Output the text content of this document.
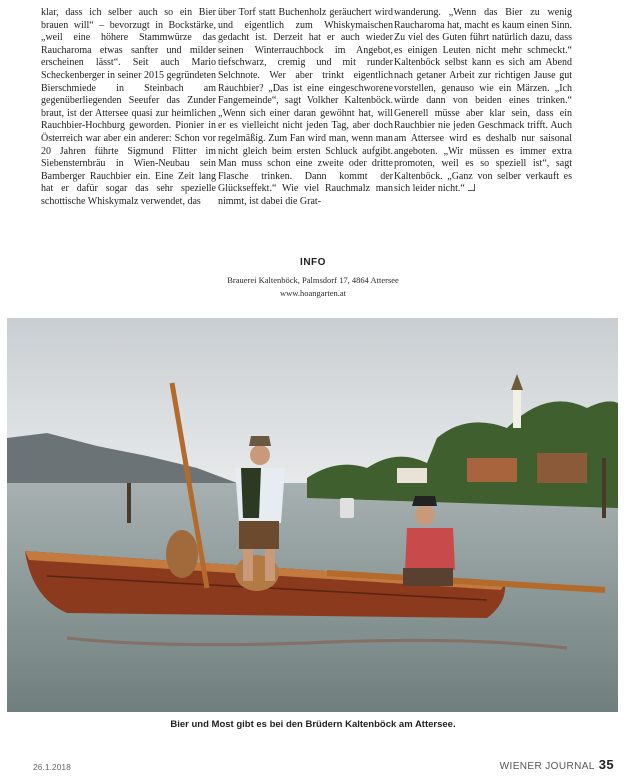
klar, dass ich selber auch so ein Bier brauen will“ – bevorzugt in Bockstärke, „weil eine höhere Stammwürze das Raucharoma etwas sanfter und milder erscheinen lässt“. Seit auch Mario Scheckenberger in seiner 2015 gegründeten Bierschmiede in Steinbach am gegenüberliegenden Seeufer das Zunder braut, ist der Attersee quasi zur heimlichen Rauchbier-Hochburg geworden. Pionier in Österreich war aber ein anderer: Schon vor 20 Jahren führte Sigmund Flitter im Siebensternbräu in Wien-Neubau sein Bamberger Rauchbier ein. Eine Zeit lang hat er dafür sogar das sehr spezielle schottische Whiskymalz verwendet, das

über Torf statt Buchenholz geräuchert wird und eigentlich zum Whiskymaischen gedacht ist. Derzeit hat er auch wieder seinen Winterrauchbock im Angebot, tiefschwarz, cremig und mit runder Selchnote. Wer aber trinkt eigentlich Rauchbier? „Das ist eine eingeschworene Fangemeinde“, sagt Volkher Kaltenböck. „Wenn sich einer daran gewöhnt hat, will er es vielleicht nicht jeden Tag, aber doch regelmäßig. Zum Fan wird man, wenn man nicht gleich beim ersten Schluck aufgibt. Man muss schon eine zweite oder dritte Flasche trinken. Dann kommt der Glückseffekt.“ Wie viel Rauchmalz man nimmt, ist dabei die Grat-

wanderung. „Wenn das Bier zu wenig Raucharoma hat, macht es kaum einen Sinn. Zu viel des Guten führt natürlich dazu, dass es einigen Leuten nicht mehr schmeckt.“ Kaltenböck selbst kann es sich am Abend nach getaner Arbeit zur richtigen Jause gut vorstellen, genauso wie ein Märzen. „Ich würde dann von beiden eines trinken.“ Generell müsse aber klar sein, dass ein Rauchbier nie jeden Geschmack trifft. Auch am Attersee wird es deshalb nur saisonal angeboten. „Wir müssen es immer extra promoten, weil es so speziell ist“, sagt Kaltenböck. „Ganz von selber verkauft es sich leider nicht.“

INFO
Brauerei Kaltenböck, Palmsdorf 17, 4864 Attersee
www.hoangarten.at
Bier und Most gibt es bei den Brüdern Kaltenböck am Attersee.
26.1.2018	WIENER JOURNAL 35
